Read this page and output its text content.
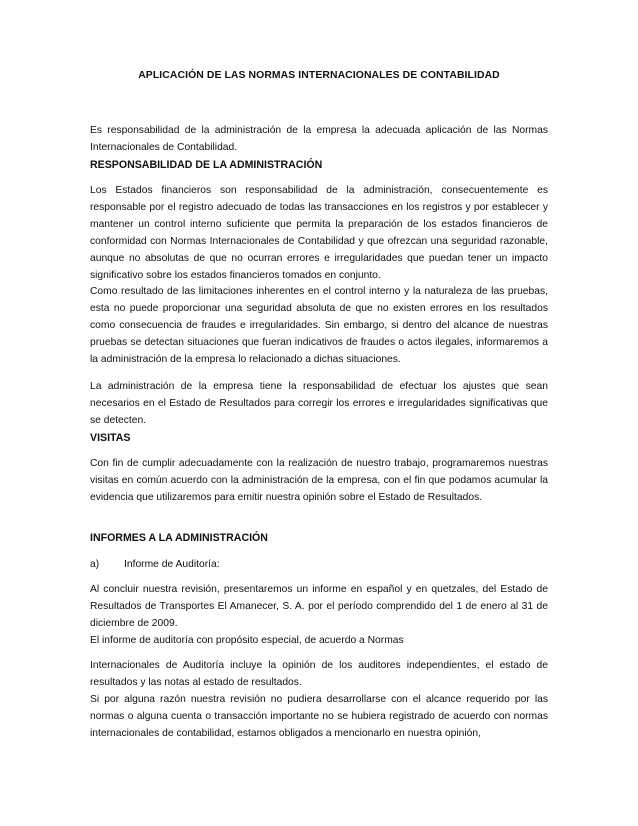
APLICACIÓN DE LAS NORMAS INTERNACIONALES DE CONTABILIDAD

Es responsabilidad de la administración de la empresa la adecuada aplicación de las Normas Internacionales de Contabilidad.

RESPONSABILIDAD DE LA ADMINISTRACIÓN

Los Estados financieros son responsabilidad de la administración, consecuentemente es responsable por el registro adecuado de todas las transacciones en los registros y por establecer y mantener un control interno suficiente que permita la preparación de los estados financieros de conformidad con Normas Internacionales de Contabilidad y que ofrezcan una seguridad razonable, aunque no absolutas de que no ocurran errores e irregularidades que puedan tener un impacto significativo sobre los estados financieros tomados en conjunto.

Como resultado de las limitaciones inherentes en el control interno y la naturaleza de las pruebas, esta no puede proporcionar una seguridad absoluta de que no existen errores en los resultados como consecuencia de fraudes e irregularidades. Sin embargo, si dentro del alcance de nuestras pruebas se detectan situaciones que fueran indicativos de fraudes o actos ilegales, informaremos a la administración de la empresa lo relacionado a dichas situaciones.

La administración de la empresa tiene la responsabilidad de efectuar los ajustes que sean necesarios en el Estado de Resultados para corregir los errores e irregularidades significativas que se detecten.

VISITAS

Con fin de cumplir adecuadamente con la realización de nuestro trabajo, programaremos nuestras visitas en común acuerdo con la administración de la empresa, con el fin que podamos acumular la evidencia que utilizaremos para emitir nuestra opinión sobre el Estado de Resultados.

INFORMES A LA ADMINISTRACIÓN
a) Informe de Auditoría:

Al concluir nuestra revisión, presentaremos un informe en español y en quetzales, del Estado de Resultados de Transportes El Amanecer, S. A. por el período comprendido del 1 de enero al 31 de diciembre de 2009.

El informe de auditoría con propósito especial, de acuerdo a Normas

Internacionales de Auditoría incluye la opinión de los auditores independientes, el estado de resultados y las notas al estado de resultados.

Si por alguna razón nuestra revisión no pudiera desarrollarse con el alcance requerido por las normas o alguna cuenta o transacción importante no se hubiera registrado de acuerdo con normas internacionales de contabilidad, estamos obligados a mencionarlo en nuestra opinión,
